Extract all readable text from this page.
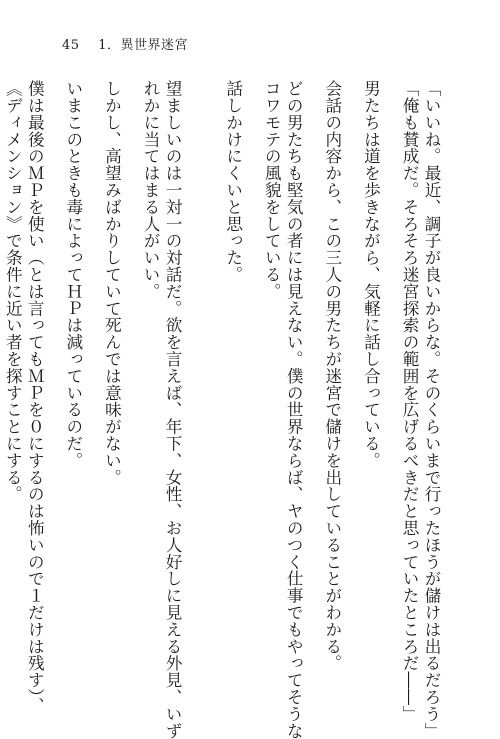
45 1．異世界迷宮
「いいね。最近、調子が良いからな。そのくらいまで行ったほうが儲けは出るだろう」
「俺も賛成だ。そろそろ迷宮探索の範囲を広げるべきだと思っていたところだ――」
男たちは道を歩きながら、気軽に話し合っている。
会話の内容から、この三人の男たちが迷宮で儲けを出していることがわかる。
どの男たちも堅気の者には見えない。僕の世界ならば、ヤのつく仕事でもやってそうな
コワモテの風貌をしている。
話しかけにくいと思った。
望ましいのは一対一の対話だ。欲を言えば、年下、女性、お人好しに見える外見、いず
れかに当てはまる人がいい。
しかし、高望みばかりしていて死んでは意味がない。
いまこのときも毒によってＨＰは減っているのだ。
僕は最後のＭＰを使い（とは言ってもＭＰを０にするのは怖いので１だけは残す）、
《ディメンション》で条件に近い者を探すことにする。
